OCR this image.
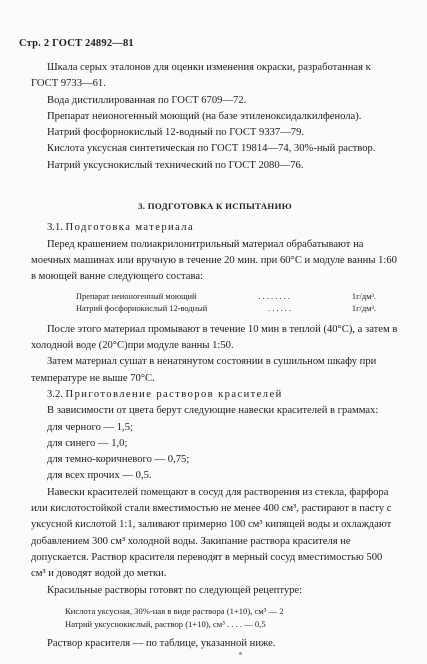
Стр. 2 ГОСТ 24892—81

Шкала серых эталонов для оценки изменения окраски, разработанная к ГОСТ 9733—61.

Вода дистиллированная по ГОСТ 6709—72.

Препарат неионогенный моющий (на базе этиленоксидалкилфенола).

Натрий фосфорнокислый 12-водный по ГОСТ 9337—79.

Кислота уксусная синтетическая по ГОСТ 19814—74, 30%-ный раствор.

Натрий уксуснокислый технический по ГОСТ 2080—76.

3. ПОДГОТОВКА К ИСПЫТАНИЮ

3.1. Подготовка материала

Перед крашением полиакрилонитрильный материал обрабатывают на моечных машинах или вручную в течение 20 мин. при 60°С и модуле ванны 1:60 в моющей ванне следующего состава:

Препарат неионогенный моющий	. . . . . . . .	1г/дм³.
Натрий фосфорнокислый 12-водный	. . . . . .	1г/дм³.

После этого материал промывают в течение 10 мин в теплой (40°С), а затем в холодной воде (20°С)при модуле ванны 1:50.

Затем материал сушат в ненатянутом состоянии в сушильном шкафу при температуре не выше 70°С.

3.2. Приготовление растворов красителей

В зависимости от цвета берут следующие навески красителей в граммах:

для черного — 1,5;

для синего — 1,0;

для темно-коричневого — 0,75;

для всех прочих — 0,5.

Навески красителей помещают в сосуд для растворения из стекла, фарфора или кислотостойкой стали вместимостью не менее 400 см³, растирают в пасту с уксусной кислотой 1:1, заливают примерно 100 см³ кипящей воды и охлаждают добавлением 300 см³ холодной воды. Закипание раствора красителя не допускается. Раствор красителя переводят в мерный сосуд вместимостью 500 см³ и доводят водой до метки.

Красильные растворы готовят по следующей рецептуре:

Кислота уксусная, 30%-ная в виде раствора (1+10), см³ — 2
Натрий уксуснокислый, раствор (1+10), см³ . . . . — 0,5

Раствор красителя — по таблице, указанной ниже.
